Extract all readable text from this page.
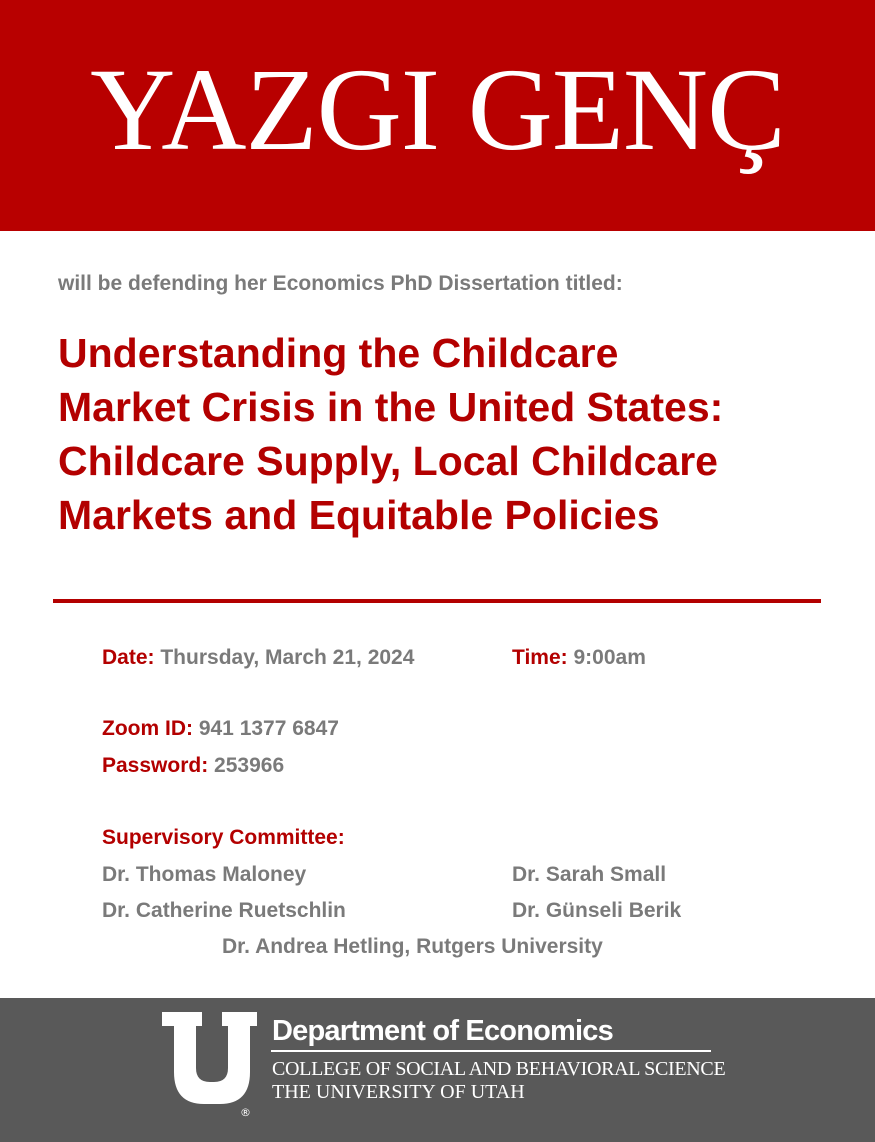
YAZGI GENÇ
will be defending her Economics PhD Dissertation titled:
Understanding the Childcare
Market Crisis in the United States:
Childcare Supply, Local Childcare
Markets and Equitable Policies
Date: Thursday, March 21, 2024	Time: 9:00am
Zoom ID: 941 1377 6847
Password: 253966
Supervisory Committee:
Dr. Thomas Maloney	Dr. Sarah Small
Dr. Catherine Ruetschlin	Dr. Günseli Berik
Dr. Andrea Hetling, Rutgers University
®
Department of Economics
COLLEGE OF SOCIAL AND BEHAVIORAL SCIENCE
THE UNIVERSITY OF UTAH
